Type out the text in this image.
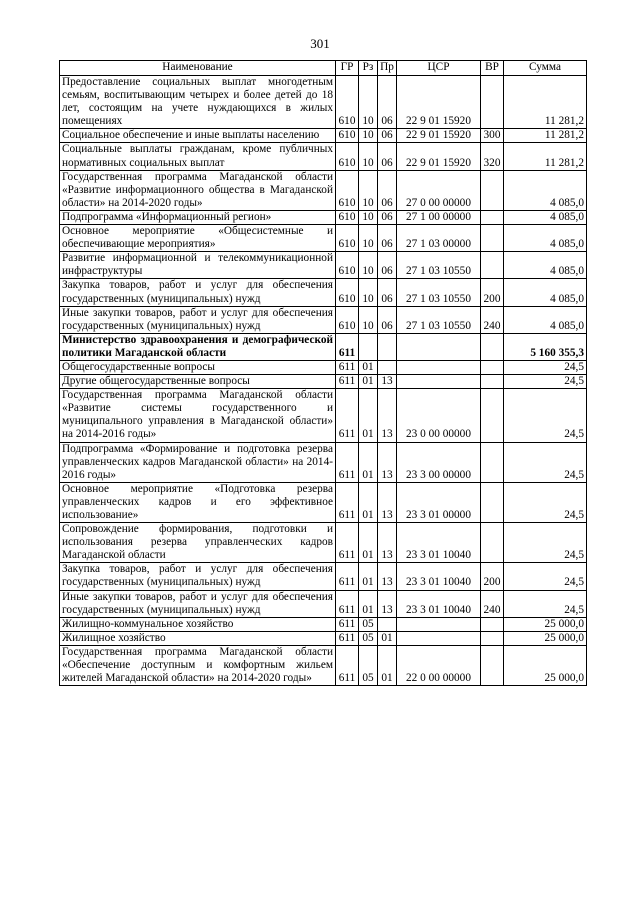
301
Наименование	ГР	Рз	Пр	ЦСР	ВР	Сумма
Предоставление социальных выплат многодетным семьям, воспитывающим четырех и более детей до 18 лет, состоящим на учете нуждающихся в жилых помещениях	610	10	06	22 9 01 15920		11 281,2
Социальное обеспечение и иные выплаты населению	610	10	06	22 9 01 15920	300	11 281,2
Социальные выплаты гражданам, кроме публичных нормативных социальных выплат	610	10	06	22 9 01 15920	320	11 281,2
Государственная программа Магаданской области «Развитие информационного общества в Магаданской области» на 2014-2020 годы»	610	10	06	27 0 00 00000		4 085,0
Подпрограмма «Информационный регион»	610	10	06	27 1 00 00000		4 085,0
Основное мероприятие «Общесистемные и обеспечивающие мероприятия»	610	10	06	27 1 03 00000		4 085,0
Развитие информационной и телекоммуникационной инфраструктуры	610	10	06	27 1 03 10550		4 085,0
Закупка товаров, работ и услуг для обеспечения государственных (муниципальных) нужд	610	10	06	27 1 03 10550	200	4 085,0
Иные закупки товаров, работ и услуг для обеспечения государственных (муниципальных) нужд	610	10	06	27 1 03 10550	240	4 085,0
Министерство здравоохранения и демографической политики Магаданской области	611					5 160 355,3
Общегосударственные вопросы	611	01				24,5
Другие общегосударственные вопросы	611	01	13			24,5
Государственная программа Магаданской области «Развитие системы государственного и муниципального управления в Магаданской области» на 2014-2016 годы»	611	01	13	23 0 00 00000		24,5
Подпрограмма «Формирование и подготовка резерва управленческих кадров Магаданской области» на 2014-2016 годы»	611	01	13	23 3 00 00000		24,5
Основное мероприятие «Подготовка резерва управленческих кадров и его эффективное использование»	611	01	13	23 3 01 00000		24,5
Сопровождение формирования, подготовки и использования резерва управленческих кадров Магаданской области	611	01	13	23 3 01 10040		24,5
Закупка товаров, работ и услуг для обеспечения государственных (муниципальных) нужд	611	01	13	23 3 01 10040	200	24,5
Иные закупки товаров, работ и услуг для обеспечения государственных (муниципальных) нужд	611	01	13	23 3 01 10040	240	24,5
Жилищно-коммунальное хозяйство	611	05				25 000,0
Жилищное хозяйство	611	05	01			25 000,0
Государственная программа Магаданской области «Обеспечение доступным и комфортным жильем жителей Магаданской области» на 2014-2020 годы»	611	05	01	22 0 00 00000		25 000,0
